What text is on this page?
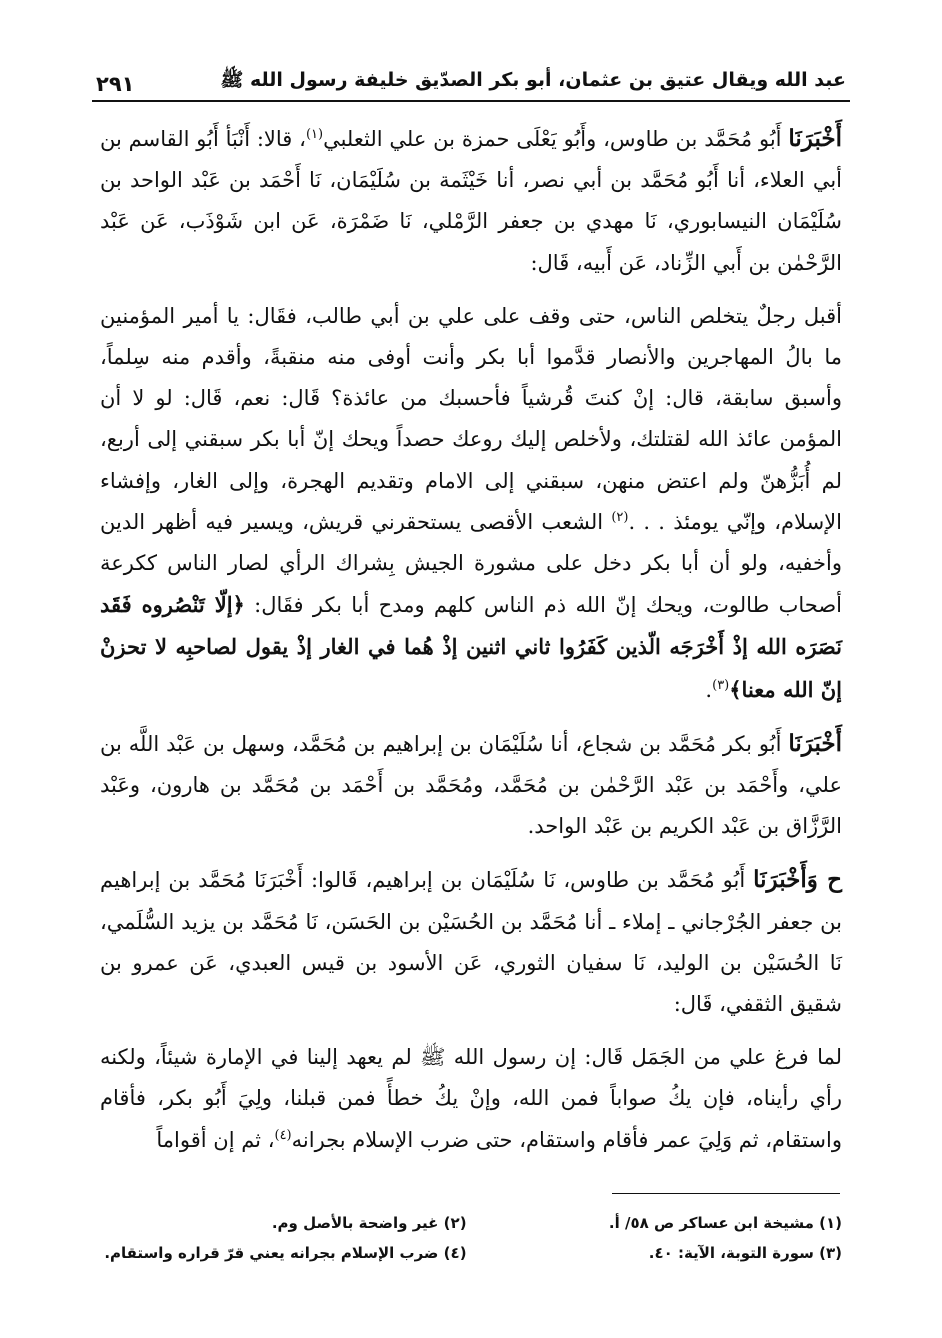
عبد الله ويقال عتيق بن عثمان، أبو بكر الصدّيق خليفة رسول الله ﷺ
٢٩١

أَخْبَرَنَا أَبُو مُحَمَّد بن طاوس، وأَبُو يَعْلَى حمزة بن علي الثعلبي$^{(١)}$، قالا: أَنْبَأ أَبُو القاسم بن أبي العلاء، أنا أَبُو مُحَمَّد بن أبي نصر، أنا خَيْثَمة بن سُلَيْمَان، نَا أَحْمَد بن عَبْد الواحد بن سُلَيْمَان النيسابوري، نَا مهدي بن جعفر الرَّمْلي، نَا ضَمْرَة، عَن ابن شَوْذَب، عَن عَبْد الرَّحْمٰن بن أَبي الزِّناد، عَن أَبيه، قَال:

أقبل رجلٌ يتخلص الناس، حتى وقف على علي بن أبي طالب، فقَال: يا أمير المؤمنين ما بالُ المهاجرين والأنصار قدَّموا أبا بكر وأنت أوفى منه منقبةً، وأقدم منه سِلماً، وأسبق سابقة، قال: إنْ كنتَ قُرشياً فأحسبك من عائذة؟ قَال: نعم، قَال: لو لا أن المؤمن عائذ الله لقتلتك، ولأخلص إليك روعك حصداً ويحك إنّ أبا بكر سبقني إلى أربع، لم أُبَزُّهنّ ولم اعتض منهن، سبقني إلى الامام وتقديم الهجرة، وإلى الغار، وإفشاء الإسلام، وإنّي يومئذ . . .$^{(٢)}$ الشعب الأقصى يستحقرني قريش، ويسير فيه أظهر الدين وأخفيه، ولو أن أبا بكر دخل على مشورة الجيش بِشراك الرأي لصار الناس ككرعة أصحاب طالوت، ويحك إنّ الله ذم الناس كلهم ومدح أبا بكر فقَال: ﴿إلّا تَنْصُروه فَقَد نَصَرَه الله إذْ أَخْرَجَه الّذين كَفَرُوا ثاني اثنين إذْ هُما في الغار إذْ يقول لصاحبِه لا تحزنْ إنّ الله معنا﴾$^{(٣)}$.

أَخْبَرَنَا أَبُو بكر مُحَمَّد بن شجاع، أنا سُلَيْمَان بن إبراهيم بن مُحَمَّد، وسهل بن عَبْد اللَّه بن علي، وأَحْمَد بن عَبْد الرَّحْمٰن بن مُحَمَّد، ومُحَمَّد بن أَحْمَد بن مُحَمَّد بن هارون، وعَبْد الرَّزَّاق بن عَبْد الكريم بن عَبْد الواحد.

ح وَأَخْبَرَنَا أَبُو مُحَمَّد بن طاوس، نَا سُلَيْمَان بن إبراهيم، قَالوا: أَخْبَرَنَا مُحَمَّد بن إبراهيم بن جعفر الجُرْجاني ـ إملاء ـ أنا مُحَمَّد بن الحُسَيْن بن الحَسَن، نَا مُحَمَّد بن يزيد السُّلَمي، نَا الحُسَيْن بن الوليد، نَا سفيان الثوري، عَن الأسود بن قيس العبدي، عَن عمرو بن شقيق الثقفي، قَال:

لما فرغ علي من الجَمَل قَال: إن رسول الله ﷺ لم يعهد إلينا في الإمارة شيئاً، ولكنه رأي رأيناه، فإن يكُ صواباً فمن الله، وإنْ يكُ خطأً فمن قبلنا، ولِيَ أَبُو بكر، فأقام واستقام، ثم وَلِيَ عمر فأقام واستقام، حتى ضرب الإسلام بجرانه$^{(٤)}$، ثم إن أقواماً

(١) مشيخة ابن عساكر ص ٥٨/ أ.
(٢) غير واضحة بالأصل وم.
(٣) سورة التوبة، الآية: ٤٠.
(٤) ضرب الإسلام بجرانه يعني قرّ قراره واستقام.
